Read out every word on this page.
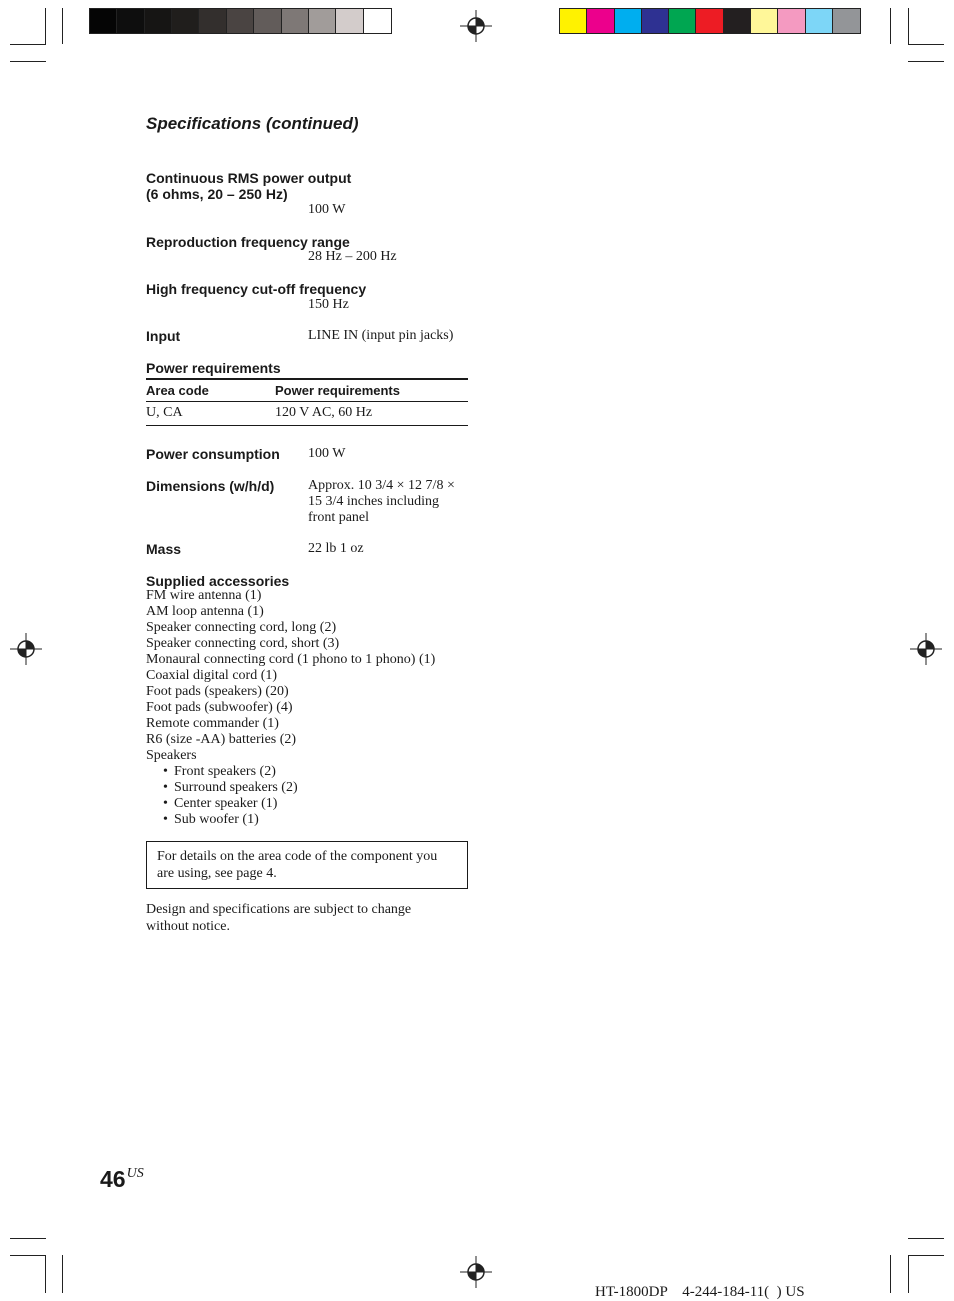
Specifications (continued)
Continuous RMS power output
(6 ohms, 20 – 250 Hz)
100 W
Reproduction frequency range
28 Hz – 200 Hz
High frequency cut-off frequency
150 Hz
Input	LINE IN (input pin jacks)
Power requirements
Area code	Power requirements
U, CA	120 V AC, 60 Hz
Power consumption 100 W
Dimensions (w/h/d) Approx. 10 3/4 × 12 7/8 ×
15 3/4 inches including
front panel
Mass	22 lb 1 oz
Supplied accessories
FM wire antenna (1)
AM loop antenna (1)
Speaker connecting cord, long (2)
Speaker connecting cord, short (3)
Monaural connecting cord (1 phono to 1 phono) (1)
Coaxial digital cord (1)
Foot pads (speakers) (20)
Foot pads (subwoofer) (4)
Remote commander (1)
R6 (size -AA) batteries (2)
Speakers
• Front speakers (2)
• Surround speakers (2)
• Center speaker (1)
• Sub woofer (1)
For details on the area code of the component you
are using, see page 4.
Design and specifications are subject to change
without notice.
$46^{US}$
HT-1800DP    4-244-184-11(  ) US
